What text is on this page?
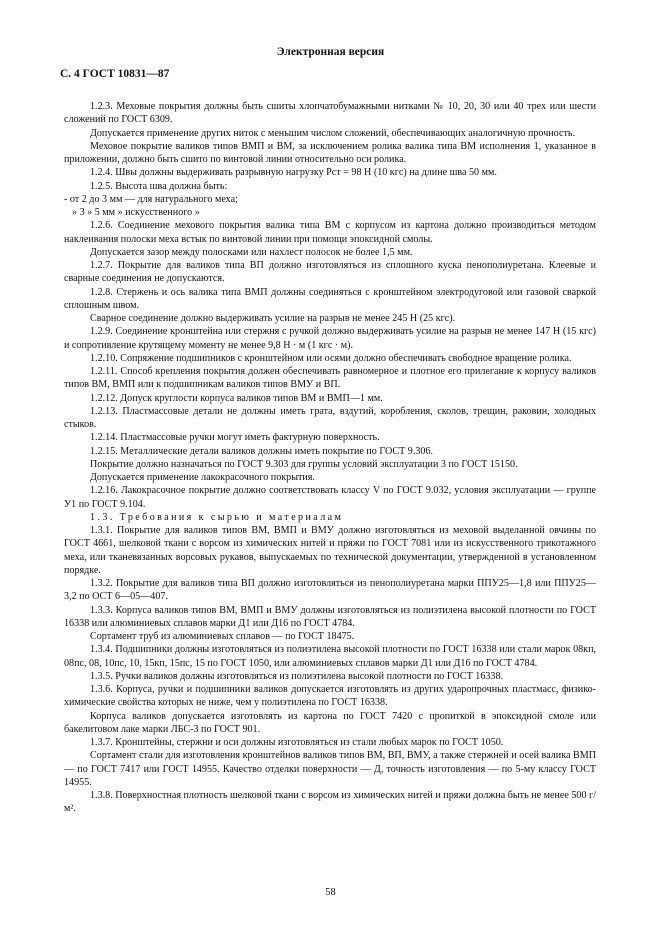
Электронная версия
С. 4 ГОСТ 10831—87

1.2.3. Меховые покрытия должны быть сшиты хлопчатобумажными нитками № 10, 20, 30 или 40 трех или шести сложений по ГОСТ 6309.

Допускается применение других ниток с меньшим числом сложений, обеспечивающих аналогичную прочность.

Меховое покрытие валиков типов ВМП и ВМ, за исключением ролика валика типа ВМ исполнения 1, указанное в приложении, должно быть сшито по винтовой линии относительно оси ролика.

1.2.4. Швы должны выдерживать разрывную нагрузку Pст = 98 Н (10 кгс) на длине шва 50 мм.

1.2.5. Высота шва должна быть:

- от 2 до 3 мм — для натурального меха;

» 3 » 5 мм » искусственного »

1.2.6. Соединение мехового покрытия валика типа ВМ с корпусом из картона должно производиться методом наклеивания полоски меха встык по винтовой линии при помощи эпоксидной смолы.

Допускается зазор между полосками или нахлест полосок не более 1,5 мм.

1.2.7. Покрытие для валиков типа ВП должно изготовляться из сплошного куска пенополиуретана. Клеевые и сварные соединения не допускаются.

1.2.8. Стержень и ось валика типа ВМП должны соединяться с кронштейном электродуговой или газовой сваркой сплошным швом.

Сварное соединение должно выдерживать усилие на разрыв не менее 245 Н (25 кгс).

1.2.9. Соединение кронштейна или стержня с ручкой должно выдерживать усилие на разрыв не менее 147 Н (15 кгс) и сопротивление крутящему моменту не менее 9,8 Н · м (1 кгс · м).

1.2.10. Сопряжение подшипников с кронштейном или осями должно обеспечивать свободное вращение ролика.

1.2.11. Способ крепления покрытия должен обеспечивать равномерное и плотное его прилегание к корпусу валиков типов ВМ, ВМП или к подшипникам валиков типов ВМУ и ВП.

1.2.12. Допуск круглости корпуса валиков типов ВМ и ВМП—1 мм.

1.2.13. Пластмассовые детали не должны иметь грата, вздутий, коробления, сколов, трещин, раковин, холодных стыков.

1.2.14. Пластмассовые ручки могут иметь фактурную поверхность.

1.2.15. Металлические детали валиков должны иметь покрытие по ГОСТ 9.306.

Покрытие должно назначаться по ГОСТ 9.303 для группы условий эксплуатации 3 по ГОСТ 15150.

Допускается применение лакокрасочного покрытия.

1.2.16. Лакокрасочное покрытие должно соответствовать классу V по ГОСТ 9.032, условия эксплуатации — группе У1 по ГОСТ 9.104.

1.3. Требования к сырью и материалам

1.3.1. Покрытие для валиков типов ВМ, ВМП и ВМУ должно изготовляться из меховой выделанной овчины по ГОСТ 4661, шелковой ткани с ворсом из химических нитей и пряжи по ГОСТ 7081 или из искусственного трикотажного меха, или тканевязанных ворсовых рукавов, выпускаемых по технической документации, утвержденной в установленном порядке.

1.3.2. Покрытие для валиков типа ВП должно изготовляться из пенополиуретана марки ППУ25—1,8 или ППУ25—3,2 по ОСТ 6—05—407.

1.3.3. Корпуса валиков типов ВМ, ВМП и ВМУ должны изготовляться из полиэтилена высокой плотности по ГОСТ 16338 или алюминиевых сплавов марки Д1 или Д16 по ГОСТ 4784.

Сортамент труб из алюминиевых сплавов — по ГОСТ 18475.

1.3.4. Подшипники должны изготовляться из полиэтилена высокой плотности по ГОСТ 16338 или стали марок 08кп, 08пс, 08, 10пс, 10, 15кп, 15пс, 15 по ГОСТ 1050, или алюминиевых сплавов марки Д1 или Д16 по ГОСТ 4784.

1.3.5. Ручки валиков должны изготовляться из полиэтилена высокой плотности по ГОСТ 16338.

1.3.6. Корпуса, ручки и подшипники валиков допускается изготовлять из других ударопрочных пластмасс, физико-химические свойства которых не ниже, чем у полиэтилена по ГОСТ 16338.

Корпуса валиков допускается изготовлять из картона по ГОСТ 7420 с пропиткой в эпоксидной смоле или бакелитовом лаке марки ЛБС-3 по ГОСТ 901.

1.3.7. Кронштейны, стержни и оси должны изготовляться из стали любых марок по ГОСТ 1050.

Сортамент стали для изготовления кронштейнов валиков типов ВМ, ВП, ВМУ, а также стержней и осей валика ВМП — по ГОСТ 7417 или ГОСТ 14955. Качество отделки поверхности — Д, точность изготовления — по 5-му классу ГОСТ 14955.

1.3.8. Поверхностная плотность шелковой ткани с ворсом из химических нитей и пряжи должна быть не менее 500 г/м².

58
